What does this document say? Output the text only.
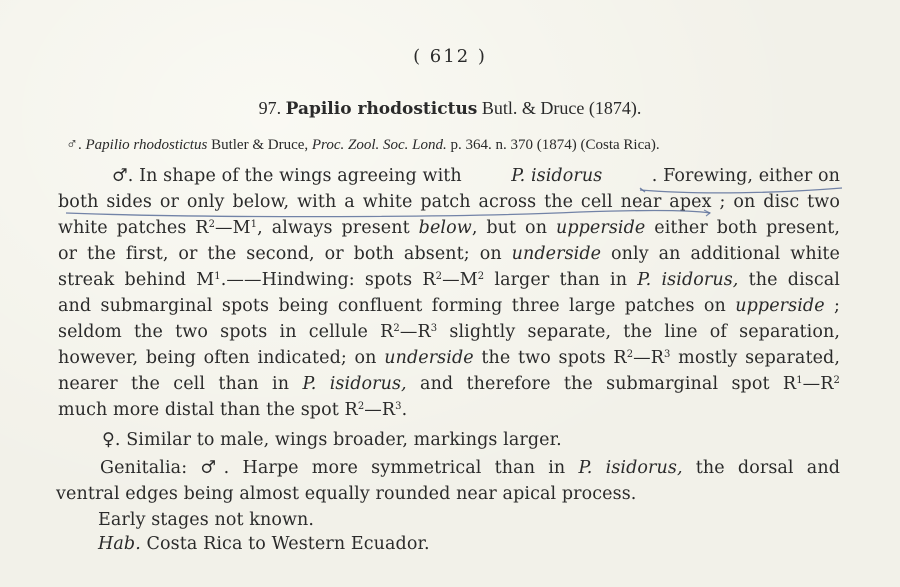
( 612 )
97. Papilio rhodostictus Butl. & Druce (1874).
♂. Papilio rhodostictus Butler & Druce, Proc. Zool. Soc. Lond. p. 364. n. 370 (1874) (Costa Rica).
♂. In shape of the wings agreeing with	P. isidorus	. Forewing, either on
both sides or only below, with a white patch across the cell near apex ; on disc two
white patches $R^2—M^1$, always present below, but on upperside either both present,
or the first, or the second, or both absent; on underside only an additional white
streak behind $M^1.——Hindwing$: spots $R^2—M^2$ larger than in P. isidorus, the discal
and submarginal spots being confluent forming three large patches on upperside ;
seldom the two spots in cellule $R^2—R^3$ slightly separate, the line of separation,
however, being often indicated; on underside the two spots $R^2—R^3$ mostly separated,
nearer the cell than in P. isidorus, and therefore the submarginal spot $R^1—R^2$
much more distal than the spot $R^2—R^3$.
♀. Similar to male, wings broader, markings larger.
Genitalia: ♂. Harpe more symmetrical than in P. isidorus, the dorsal and
ventral edges being almost equally rounded near apical process.
Early stages not known.
Hab. Costa Rica to Western Ecuador.
